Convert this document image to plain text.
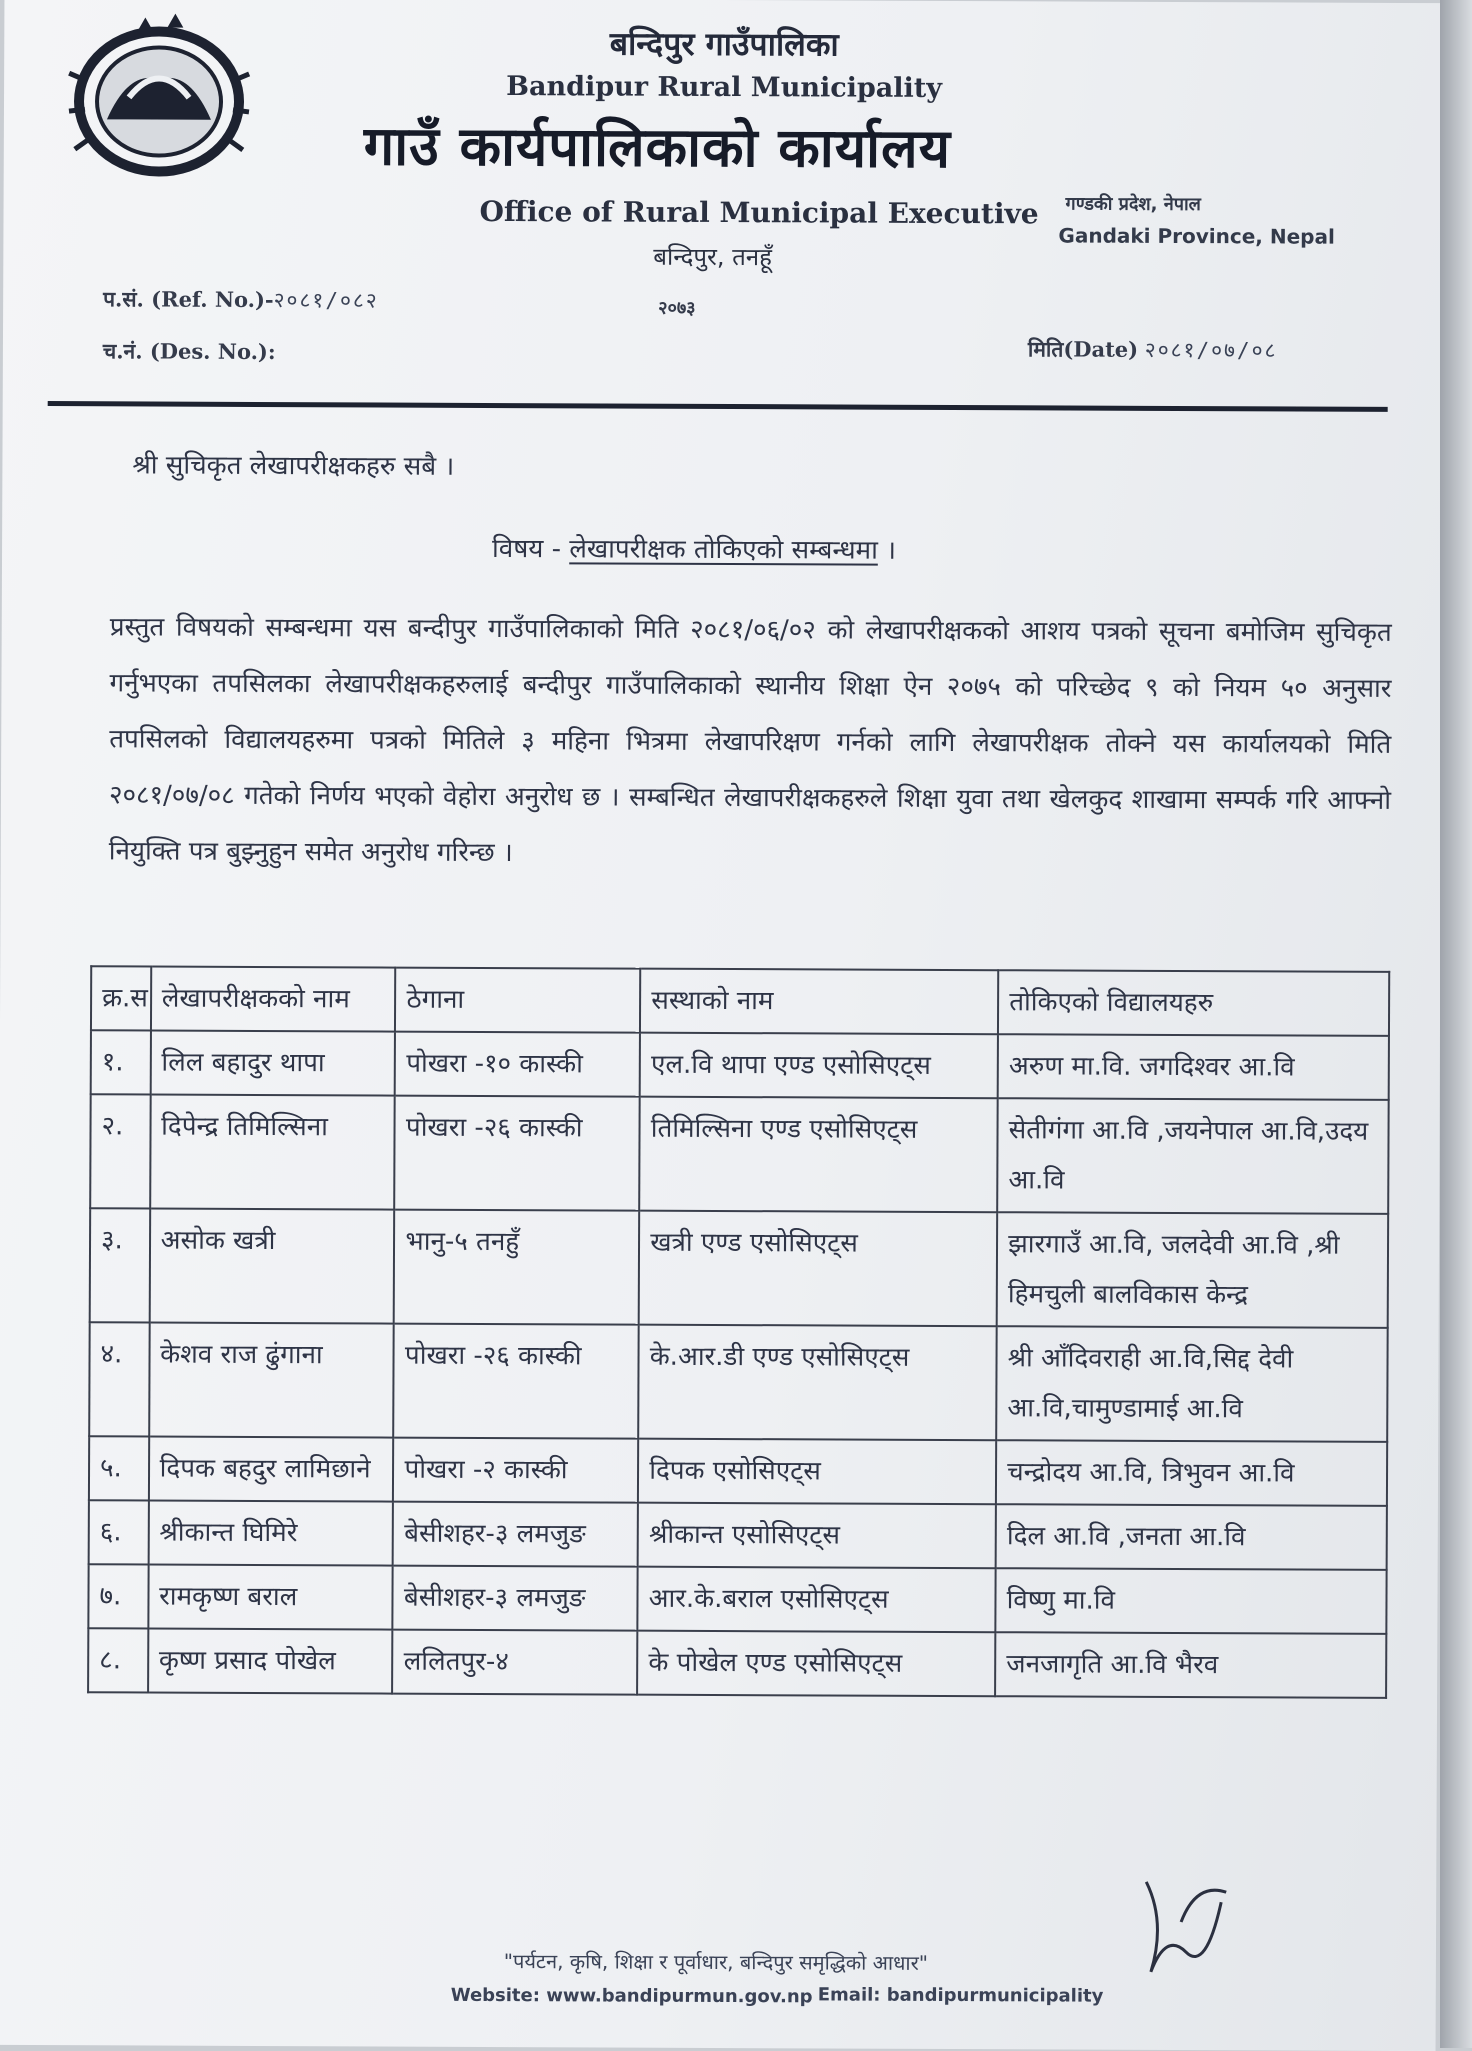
बन्दिपुर गाउँपालिका
Bandipur Rural Municipality
गाउँ कार्यपालिकाको कार्यालय
Office of Rural Municipal Executive
बन्दिपुर, तनहूँ
गण्डकी प्रदेश, नेपाल
Gandaki Province, Nepal
प.सं. (Ref. No.)-२०८१/०८२	२०७३
च.नं. (Des. No.):	मिति(Date) २०८१/०७/०८
श्री सुचिकृत लेखापरीक्षकहरु सबै ।
विषय - लेखापरीक्षक तोकिएको सम्बन्धमा ।
प्रस्तुत विषयको सम्बन्धमा यस बन्दीपुर गाउँपालिकाको मिति २०८१/०६/०२ को लेखापरीक्षकको आशय पत्रको सूचना बमोजिम सुचिकृत गर्नुभएका तपसिलका लेखापरीक्षकहरुलाई बन्दीपुर गाउँपालिकाको स्थानीय शिक्षा ऐन २०७५ को परिच्छेद ९ को नियम ५० अनुसार तपसिलको विद्यालयहरुमा पत्रको मितिले ३ महिना भित्रमा लेखापरिक्षण गर्नको लागि लेखापरीक्षक तोक्ने यस कार्यालयको मिति २०८१/०७/०८ गतेको निर्णय भएको वेहोरा अनुरोध छ । सम्बन्धित लेखापरीक्षकहरुले शिक्षा युवा तथा खेलकुद शाखामा सम्पर्क गरि आफ्नो नियुक्ति पत्र बुझ्नुहुन समेत अनुरोध गरिन्छ ।
क्र.स	लेखापरीक्षकको नाम	ठेगाना	सस्थाको नाम	तोकिएको विद्यालयहरु
१.	लिल बहादुर थापा	पोखरा -१० कास्की	एल.वि थापा एण्ड एसोसिएट्स	अरुण मा.वि. जगदिश्वर आ.वि
२.	दिपेन्द्र तिमिल्सिना	पोखरा -२६ कास्की	तिमिल्सिना एण्ड एसोसिएट्स	सेतीगंगा आ.वि ,जयनेपाल आ.वि,उदय आ.वि
३.	असोक खत्री	भानु-५ तनहुँ	खत्री एण्ड एसोसिएट्स	झारगाउँ आ.वि, जलदेवी आ.वि ,श्री हिमचुली बालविकास केन्द्र
४.	केशव राज ढुंगाना	पोखरा -२६ कास्की	के.आर.डी एण्ड एसोसिएट्स	श्री आँदिवराही आ.वि,सिद्द देवी आ.वि,चामुण्डामाई आ.वि
५.	दिपक बहदुर लामिछाने	पोखरा -२ कास्की	दिपक एसोसिएट्स	चन्द्रोदय आ.वि, त्रिभुवन आ.वि
६.	श्रीकान्त घिमिरे	बेसीशहर-३ लमजुङ	श्रीकान्त एसोसिएट्स	दिल आ.वि ,जनता आ.वि
७.	रामकृष्ण बराल	बेसीशहर-३ लमजुङ	आर.के.बराल एसोसिएट्स	विष्णु मा.वि
८.	कृष्ण प्रसाद पोखेल	ललितपुर-४	के पोखेल एण्ड एसोसिएट्स	जनजागृति आ.वि भैरव
"पर्यटन, कृषि, शिक्षा र पूर्वाधार, बन्दिपुर समृद्धिको आधार"
Website: www.bandipurmun.gov.np Email: bandipurmunicipality
